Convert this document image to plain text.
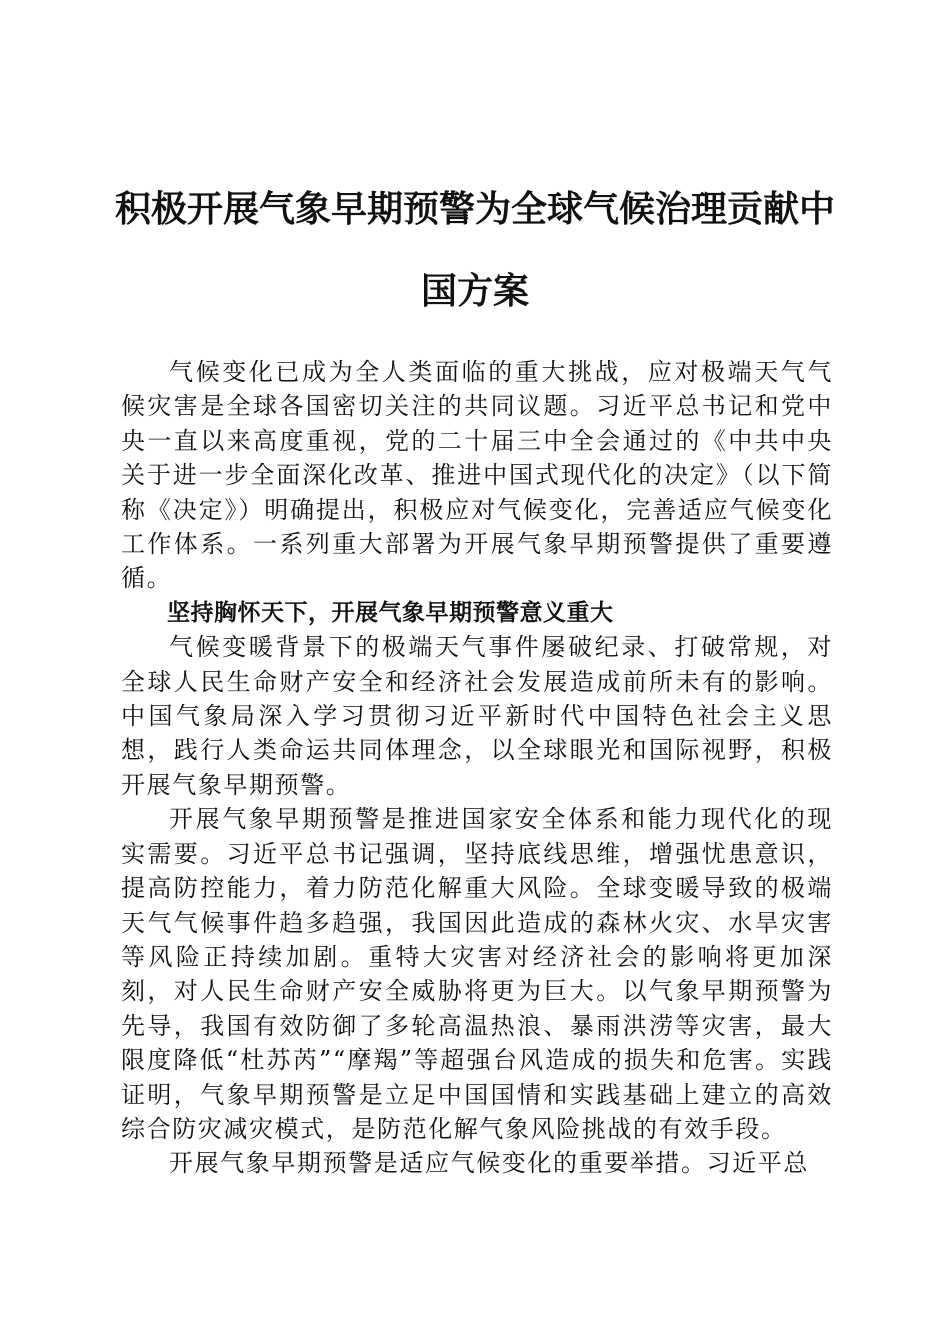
积极开展气象早期预警为全球气候治理贡献中国方案

气候变化已成为全人类面临的重大挑战，应对极端天气气候灾害是全球各国密切关注的共同议题。习近平总书记和党中央一直以来高度重视，党的二十届三中全会通过的《中共中央关于进一步全面深化改革、推进中国式现代化的决定》（以下简称《决定》）明确提出，积极应对气候变化，完善适应气候变化工作体系。一系列重大部署为开展气象早期预警提供了重要遵循。

坚持胸怀天下，开展气象早期预警意义重大

气候变暖背景下的极端天气事件屡破纪录、打破常规，对全球人民生命财产安全和经济社会发展造成前所未有的影响。中国气象局深入学习贯彻习近平新时代中国特色社会主义思想，践行人类命运共同体理念，以全球眼光和国际视野，积极开展气象早期预警。

开展气象早期预警是推进国家安全体系和能力现代化的现实需要。习近平总书记强调，坚持底线思维，增强忧患意识，提高防控能力，着力防范化解重大风险。全球变暖导致的极端天气气候事件趋多趋强，我国因此造成的森林火灾、水旱灾害等风险正持续加剧。重特大灾害对经济社会的影响将更加深刻，对人民生命财产安全威胁将更为巨大。以气象早期预警为先导，我国有效防御了多轮高温热浪、暴雨洪涝等灾害，最大限度降低“杜苏芮”“摩羯”等超强台风造成的损失和危害。实践证明，气象早期预警是立足中国国情和实践基础上建立的高效综合防灾减灾模式，是防范化解气象风险挑战的有效手段。

开展气象早期预警是适应气候变化的重要举措。习近平总
